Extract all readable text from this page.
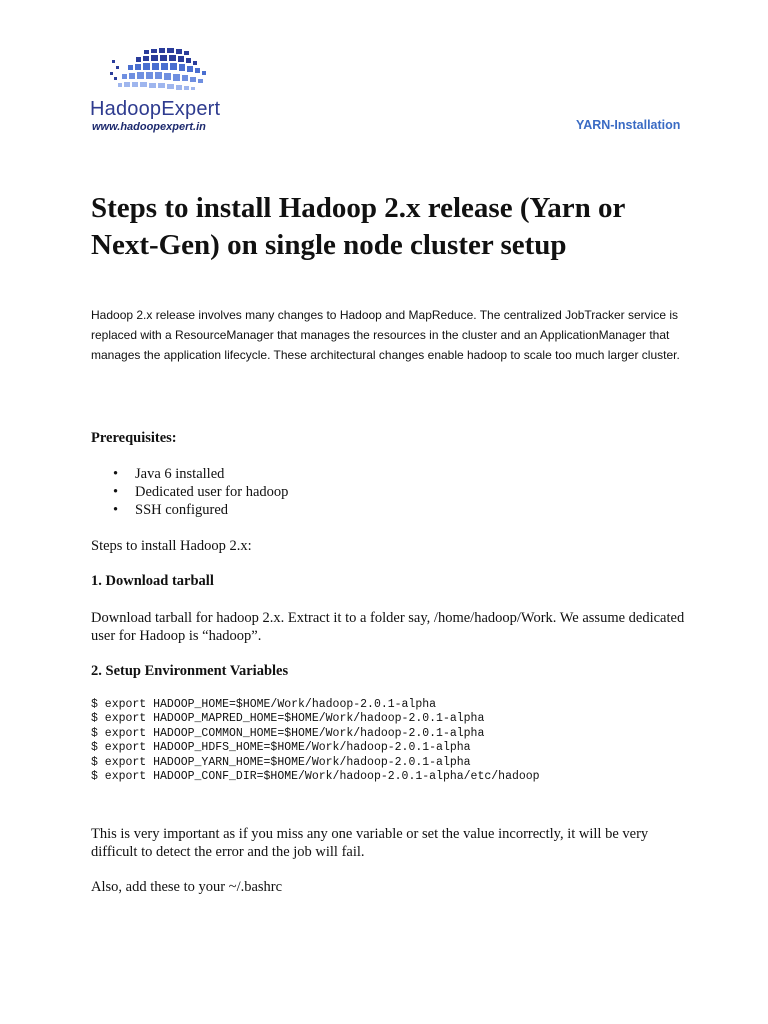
HadoopExpert
www.hadoopexpert.in	YARN-Installation
Steps to install Hadoop 2.x release (Yarn or Next-Gen) on single node cluster setup

Hadoop 2.x release involves many changes to Hadoop and MapReduce. The centralized JobTracker service is replaced with a ResourceManager that manages the resources in the cluster and an ApplicationManager that manages the application lifecycle. These architectural changes enable hadoop to scale too much larger cluster.

Prerequisites:

• Java 6 installed
• Dedicated user for hadoop
• SSH configured

Steps to install Hadoop 2.x:

1. Download tarball

Download tarball for hadoop 2.x. Extract it to a folder say, /home/hadoop/Work. We assume dedicated user for Hadoop is “hadoop”.

2. Setup Environment Variables

$ export HADOOP_HOME=$HOME/Work/hadoop-2.0.1-alpha
$ export HADOOP_MAPRED_HOME=$HOME/Work/hadoop-2.0.1-alpha
$ export HADOOP_COMMON_HOME=$HOME/Work/hadoop-2.0.1-alpha
$ export HADOOP_HDFS_HOME=$HOME/Work/hadoop-2.0.1-alpha
$ export HADOOP_YARN_HOME=$HOME/Work/hadoop-2.0.1-alpha
$ export HADOOP_CONF_DIR=$HOME/Work/hadoop-2.0.1-alpha/etc/hadoop

This is very important as if you miss any one variable or set the value incorrectly, it will be very difficult to detect the error and the job will fail.

Also, add these to your ~/.bashrc
